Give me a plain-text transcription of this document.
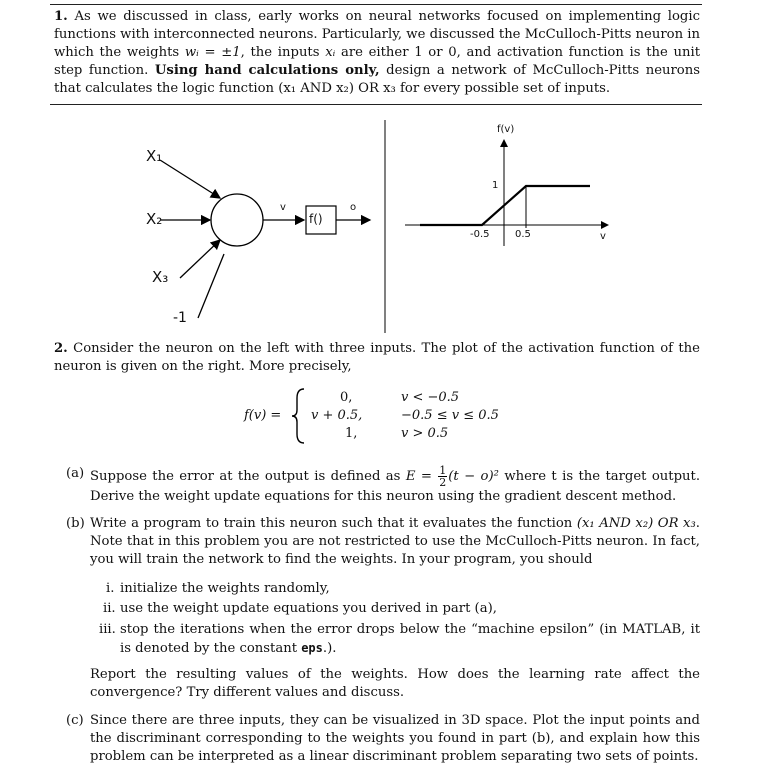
1. As we discussed in class, early works on neural networks focused on implementing logic functions with interconnected neurons. Particularly, we discussed the McCulloch-Pitts neuron in which the weights wᵢ = ±1, the inputs xᵢ are either 1 or 0, and activation function is the unit step function. Using hand calculations only, design a network of McCulloch-Pitts neurons that calculates the logic function (x₁ AND x₂) OR x₃ for every possible set of inputs.

X₁
X₂
X₃
-1
v
f()
o
f(v)
1
-0.5	0.5	v

2. Consider the neuron on the left with three inputs. The plot of the activation function of the neuron is given on the right. More precisely,

f(v) =
0,	v < −0.5
v + 0.5,	−0.5 ≤ v ≤ 0.5
1,	v > 0.5
(a) Suppose the error at the output is defined as $E = \frac{1}{2} (t - o)^2$ where t is the target output. Derive the weight update equations for this neuron using the gradient descent method.
(b) Write a program to train this neuron such that it evaluates the function (x₁ AND x₂) OR x₃. Note that in this problem you are not restricted to use the McCulloch-Pitts neuron. In fact, you will train the network to find the weights. In your program, you should
i. initialize the weights randomly,
ii. use the weight update equations you derived in part (a),
iii. stop the iterations when the error drops below the “machine epsilon” (in MATLAB, it is denoted by the constant eps.).
Report the resulting values of the weights. How does the learning rate affect the convergence? Try different values and discuss.
(c) Since there are three inputs, they can be visualized in 3D space. Plot the input points and the discriminant corresponding to the weights you found in part (b), and explain how this problem can be interpreted as a linear discriminant problem separating two sets of points.
